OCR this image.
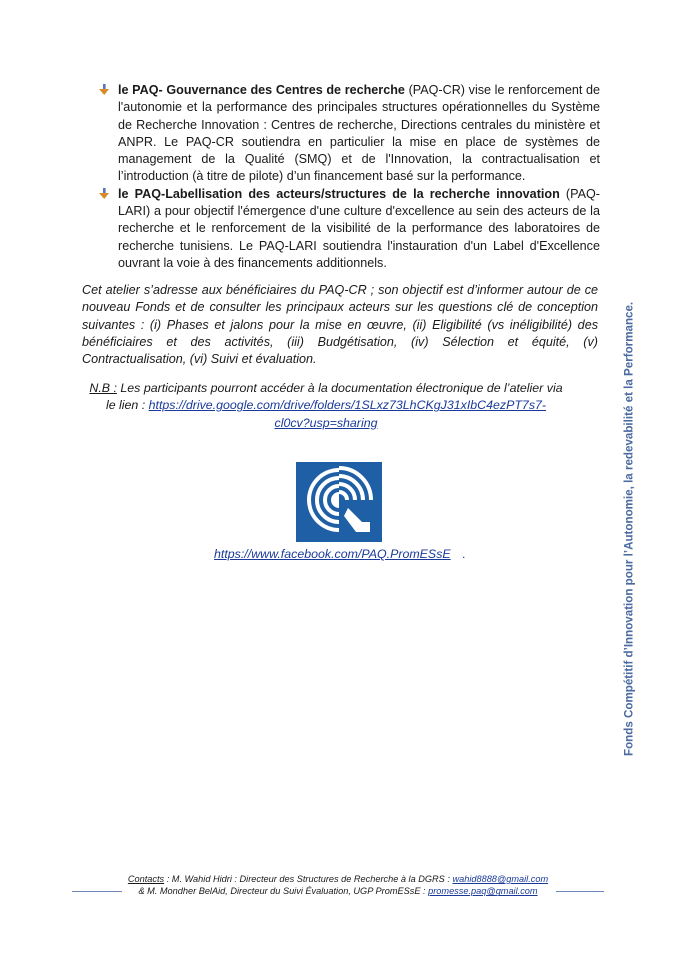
le PAQ- Gouvernance des Centres de recherche (PAQ-CR) vise le renforcement de l'autonomie et la performance des principales structures opérationnelles du Système de Recherche Innovation : Centres de recherche, Directions centrales du ministère et ANPR. Le PAQ-CR soutiendra en particulier la mise en place de systèmes de management de la Qualité (SMQ) et de l'Innovation, la contractualisation et l’introduction (à titre de pilote) d’un financement basé sur la performance.
le PAQ-Labellisation des acteurs/structures de la recherche innovation (PAQ-LARI) a pour objectif l'émergence d'une culture d'excellence au sein des acteurs de la recherche et le renforcement de la visibilité de la performance des laboratoires de recherche tunisiens. Le PAQ-LARI soutiendra l'instauration d'un Label d'Excellence ouvrant la voie à des financements additionnels.

Cet atelier s’adresse aux bénéficiaires du PAQ-CR ; son objectif est d’informer autour de ce nouveau Fonds et de consulter les principaux acteurs sur les questions clé de conception suivantes : (i) Phases et jalons pour la mise en œuvre, (ii) Eligibilité (vs inéligibilité) des bénéficiaires et des activités, (iii) Budgétisation, (iv) Sélection et équité, (v) Contractualisation, (vi) Suivi et évaluation.

N.B : Les participants pourront accéder à la documentation électronique de l’atelier via le lien : https://drive.google.com/drive/folders/1SLxz73LhCKgJ31xIbC4ezPT7s7-
cl0cv?usp=sharing
https://www.facebook.com/PAQ.PromESsE .	Fonds Compétitif d’Innovation pour l’Autonomie, la redevabilité et la Performance.
Contacts : M. Wahid Hidri : Directeur des Structures de Recherche à la DGRS : wahid8888@gmail.com
& M. Mondher BelAid, Directeur du Suivi Évaluation, UGP PromESsE : promesse.paq@gmail.com
